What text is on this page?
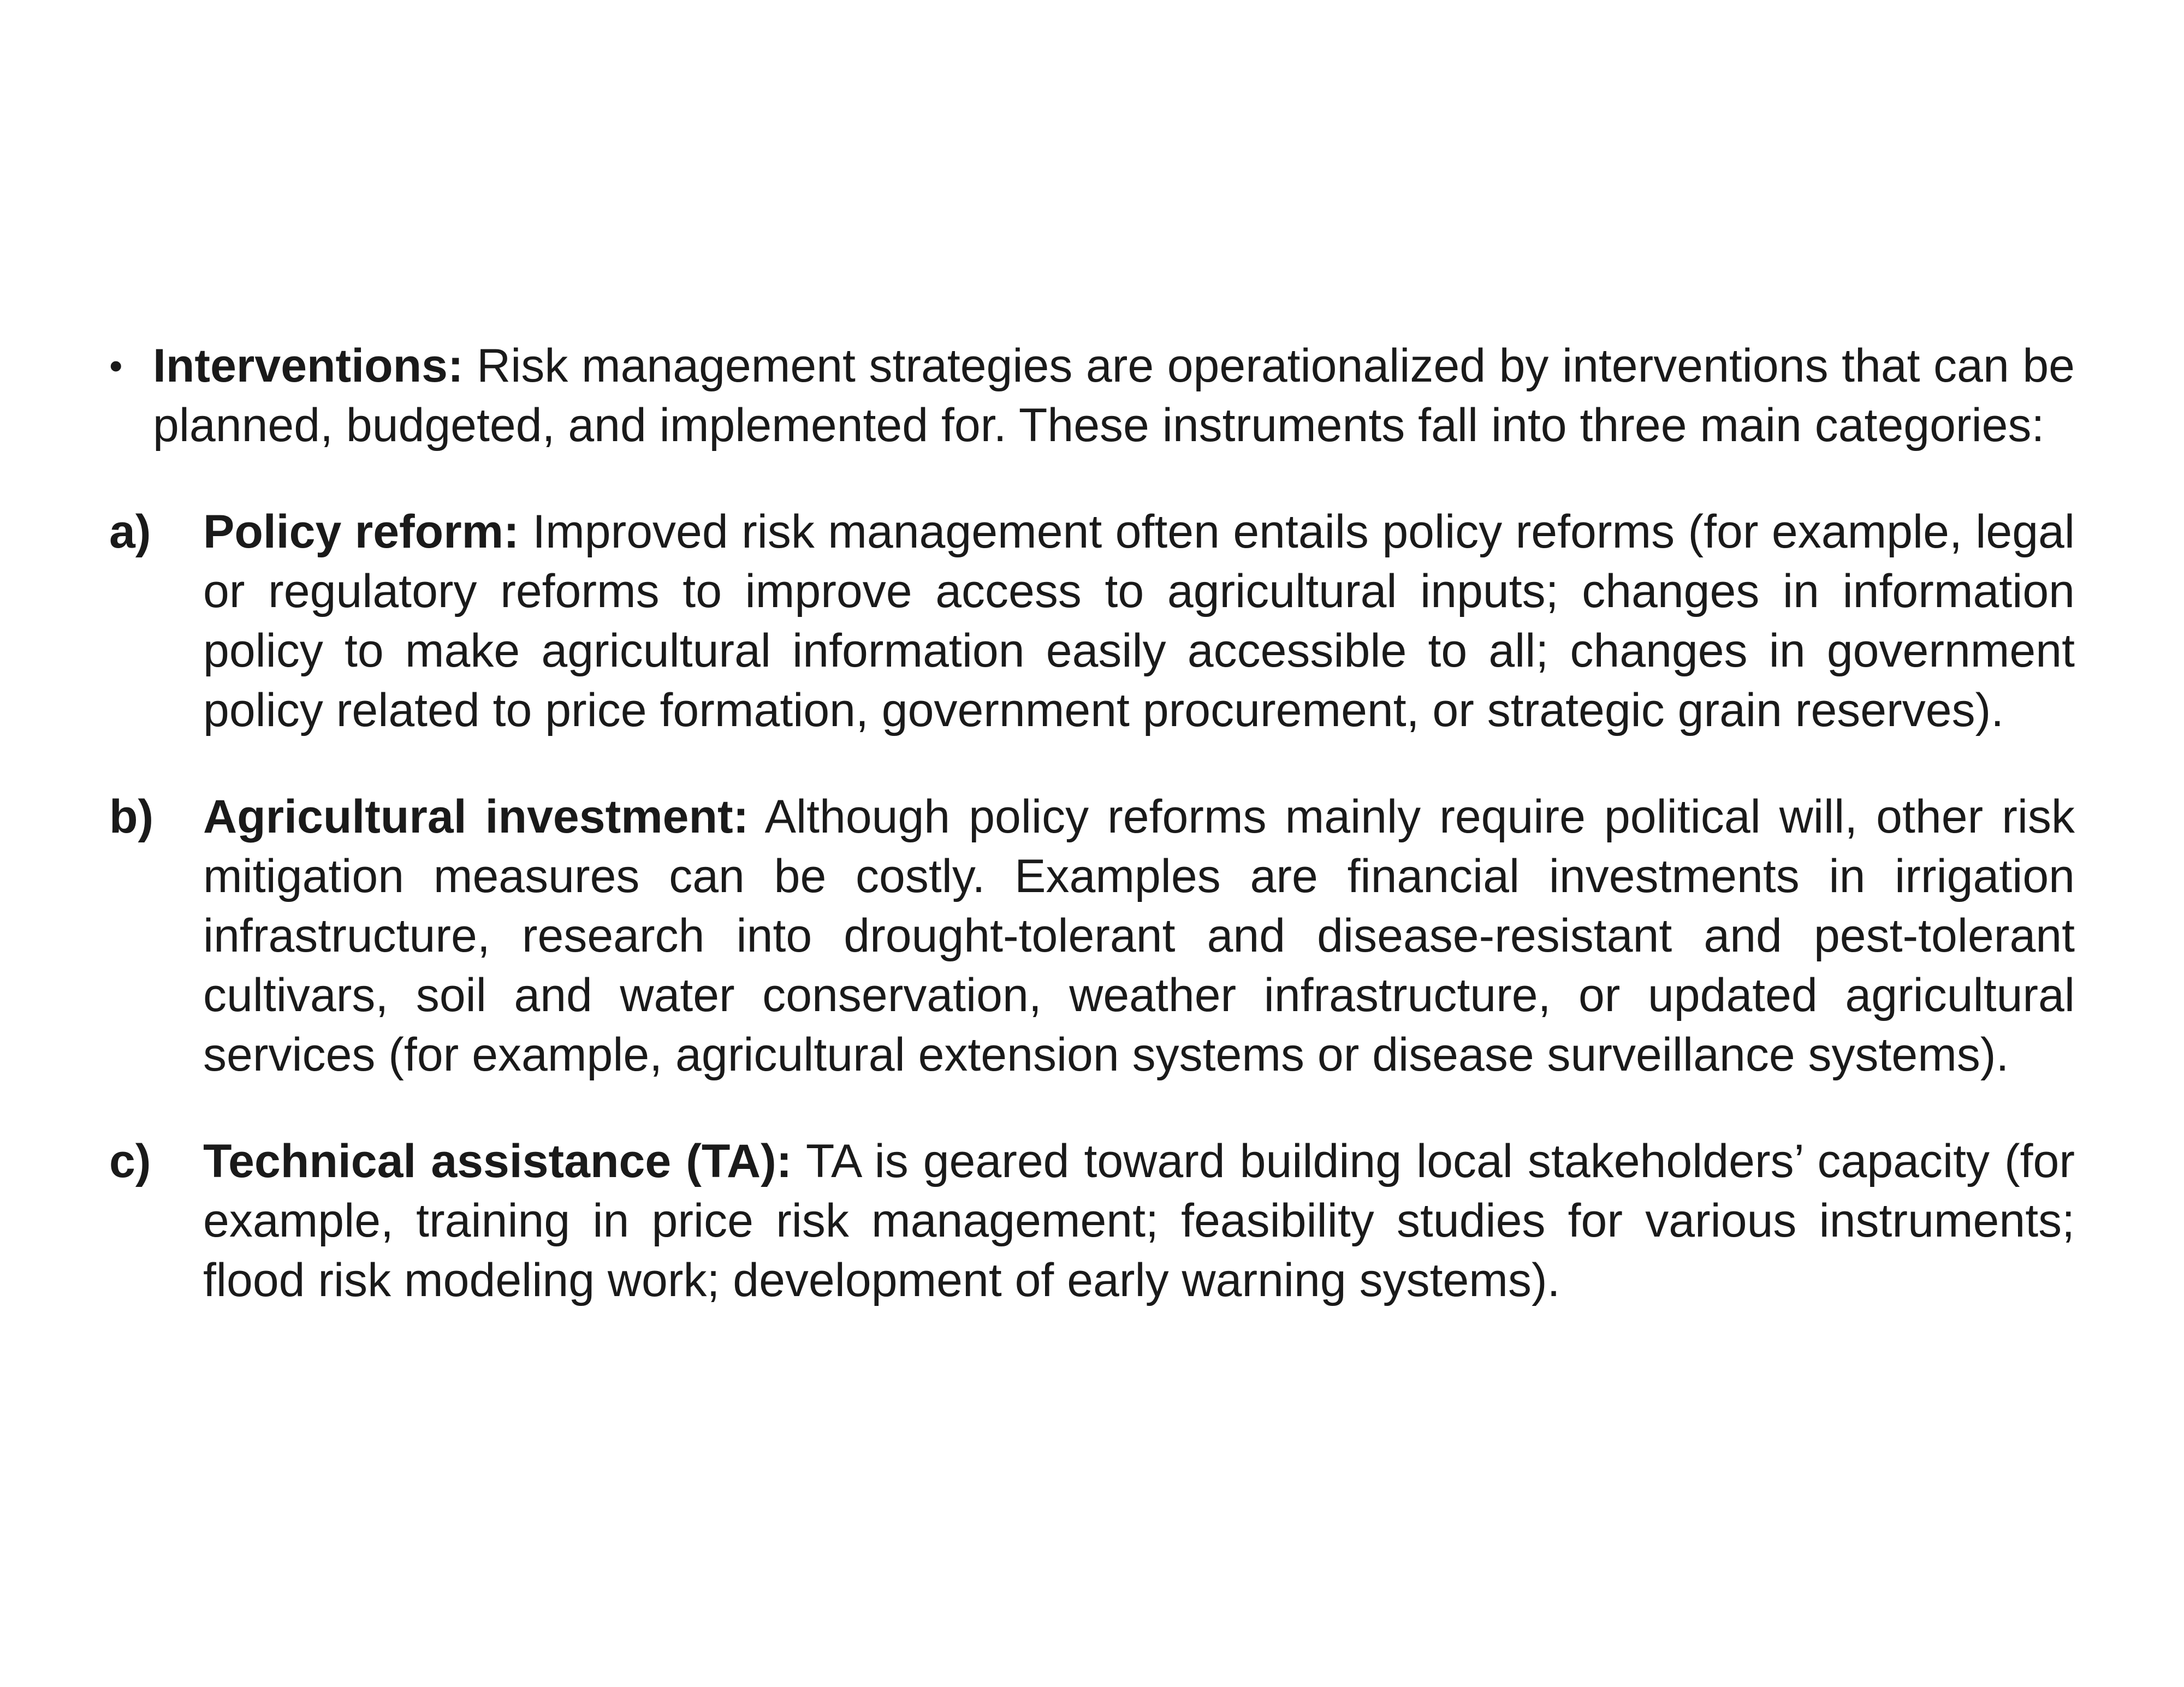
• Interventions: Risk management strategies are operationalized by interventions that can be planned, budgeted, and implemented for. These instruments fall into three main categories:

a) Policy reform: Improved risk management often entails policy reforms (for example, legal or regulatory reforms to improve access to agricultural inputs; changes in information policy to make agricultural information easily accessible to all; changes in government policy related to price formation, government procurement, or strategic grain reserves).

b) Agricultural investment: Although policy reforms mainly require political will, other risk mitigation measures can be costly. Examples are financial investments in irrigation infrastructure, research into drought-tolerant and disease-resistant and pest-tolerant cultivars, soil and water conservation, weather infrastructure, or updated agricultural services (for example, agricultural extension systems or disease surveillance systems).

c) Technical assistance (TA): TA is geared toward building local stakeholders’ capacity (for example, training in price risk management; feasibility studies for various instruments; flood risk modeling work; development of early warning systems).
